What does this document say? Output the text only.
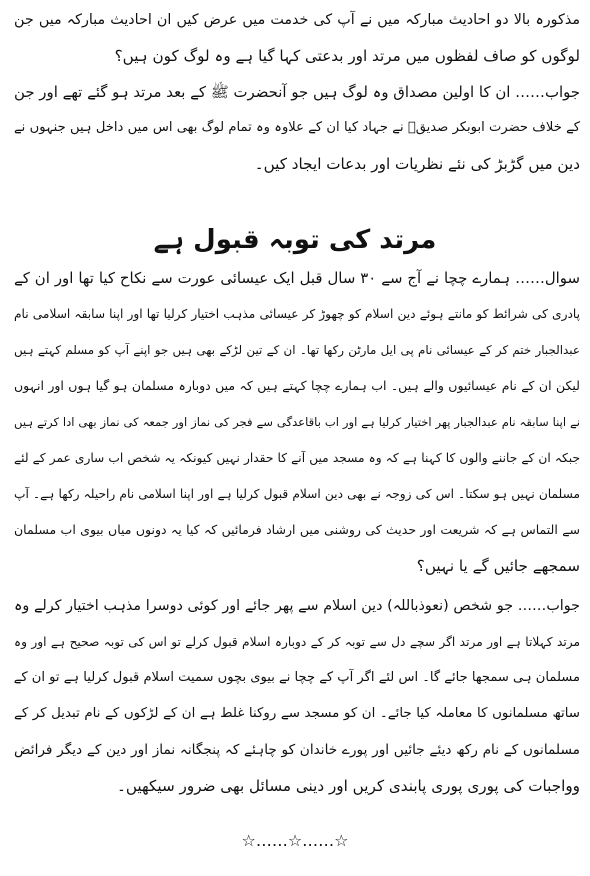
مذکورہ بالا دو احادیث مبارکہ میں نے آپ کی خدمت میں عرض کیں ان احادیث مبارکہ میں جن
لوگوں کو صاف لفظوں میں مرتد اور بدعتی کہا گیا ہے وہ لوگ کون ہیں؟
جواب…… ان کا اولین مصداق وہ لوگ ہیں جو آنحضرت ﷺ کے بعد مرتد ہو گئے تھے اور جن
کے خلاف حضرت ابوبکر صدیقؓ نے جہاد کیا ان کے علاوہ وہ تمام لوگ بھی اس میں داخل ہیں جنہوں نے
دین میں گڑبڑ کی نئے نظریات اور بدعات ایجاد کیں۔
مرتد کی توبہ قبول ہے
سوال…… ہمارے چچا نے آج سے ۳۰ سال قبل ایک عیسائی عورت سے نکاح کیا تھا اور ان کے
پادری کی شرائط کو مانتے ہوئے دین اسلام کو چھوڑ کر عیسائی مذہب اختیار کرلیا تھا اور اپنا سابقہ اسلامی نام
عبدالجبار ختم کر کے عیسائی نام پی ایل مارٹن رکھا تھا۔ ان کے تین لڑکے بھی ہیں جو اپنے آپ کو مسلم کہتے ہیں
لیکن ان کے نام عیسائیوں والے ہیں۔ اب ہمارے چچا کہتے ہیں کہ میں دوبارہ مسلمان ہو گیا ہوں اور انہوں
نے اپنا سابقہ نام عبدالجبار پھر اختیار کرلیا ہے اور اب باقاعدگی سے فجر کی نماز اور جمعہ کی نماز بھی ادا کرتے ہیں
جبکہ ان کے جاننے والوں کا کہنا ہے کہ وہ مسجد میں آنے کا حقدار نہیں کیونکہ یہ شخص اب ساری عمر کے لئے
مسلمان نہیں ہو سکتا۔ اس کی زوجہ نے بھی دین اسلام قبول کرلیا ہے اور اپنا اسلامی نام راحیلہ رکھا ہے۔ آپ
سے التماس ہے کہ شریعت اور حدیث کی روشنی میں ارشاد فرمائیں کہ کیا یہ دونوں میاں بیوی اب مسلمان
سمجھے جائیں گے یا نہیں؟
جواب…… جو شخص (نعوذباللہ) دین اسلام سے پھر جائے اور کوئی دوسرا مذہب اختیار کرلے وہ
مرتد کہلاتا ہے اور مرتد اگر سچے دل سے توبہ کر کے دوبارہ اسلام قبول کرلے تو اس کی توبہ صحیح ہے اور وہ
مسلمان ہی سمجھا جائے گا۔ اس لئے اگر آپ کے چچا نے بیوی بچوں سمیت اسلام قبول کرلیا ہے تو ان کے
ساتھ مسلمانوں کا معاملہ کیا جائے۔ ان کو مسجد سے روکنا غلط ہے ان کے لڑکوں کے نام تبدیل کر کے
مسلمانوں کے نام رکھ دیئے جائیں اور پورے خاندان کو چاہئے کہ پنجگانہ نماز اور دین کے دیگر فرائض
وواجبات کی پوری پوری پابندی کریں اور دینی مسائل بھی ضرور سیکھیں۔
☆……☆……☆
